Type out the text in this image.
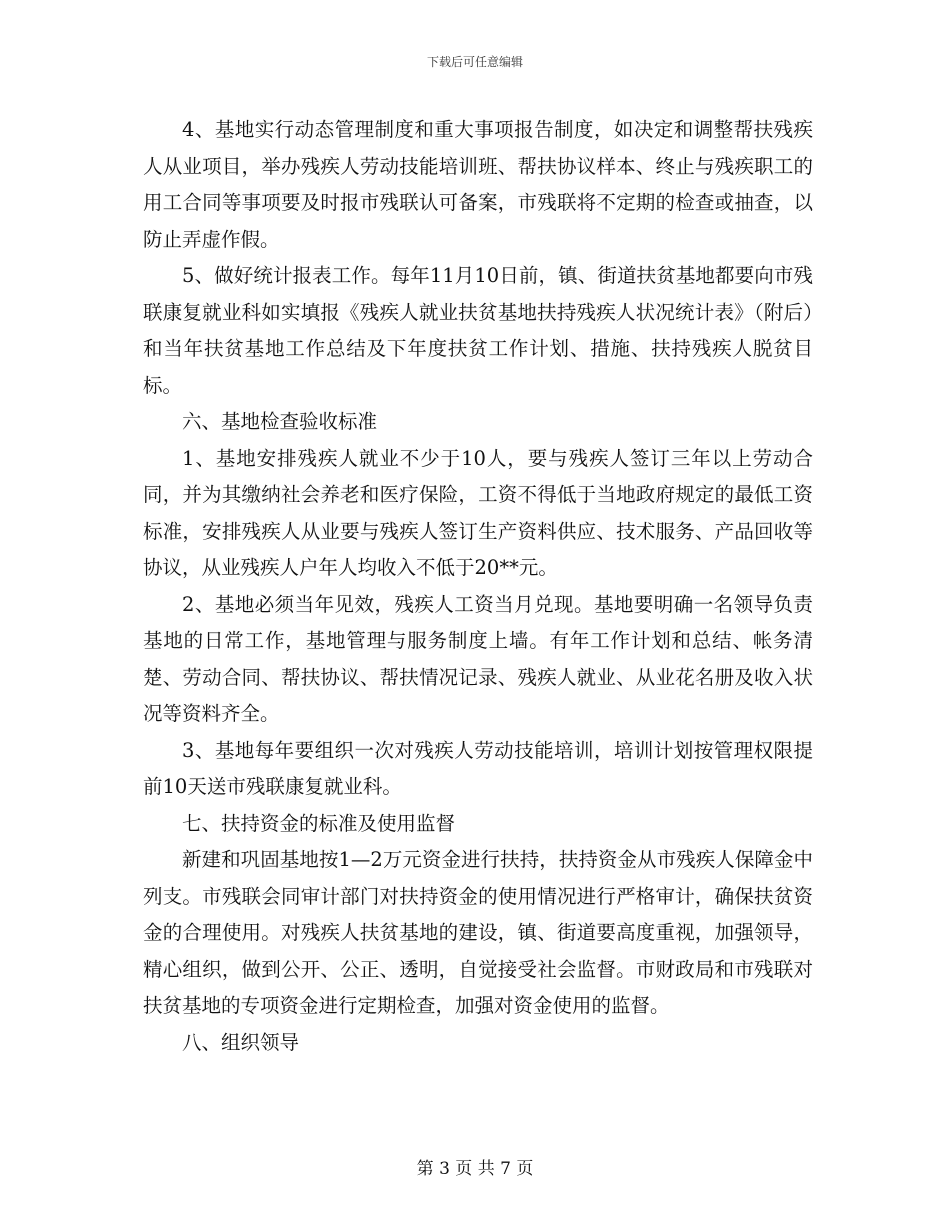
下载后可任意编辑

4、基地实行动态管理制度和重大事项报告制度，如决定和调整帮扶残疾人从业项目，举办残疾人劳动技能培训班、帮扶协议样本、终止与残疾职工的用工合同等事项要及时报市残联认可备案，市残联将不定期的检查或抽查，以防止弄虚作假。

5、做好统计报表工作。每年11月10日前，镇、街道扶贫基地都要向市残联康复就业科如实填报《残疾人就业扶贫基地扶持残疾人状况统计表》（附后）和当年扶贫基地工作总结及下年度扶贫工作计划、措施、扶持残疾人脱贫目标。

六、基地检查验收标准

1、基地安排残疾人就业不少于10人，要与残疾人签订三年以上劳动合同，并为其缴纳社会养老和医疗保险，工资不得低于当地政府规定的最低工资标准，安排残疾人从业要与残疾人签订生产资料供应、技术服务、产品回收等协议，从业残疾人户年人均收入不低于20**元。

2、基地必须当年见效，残疾人工资当月兑现。基地要明确一名领导负责基地的日常工作，基地管理与服务制度上墙。有年工作计划和总结、帐务清楚、劳动合同、帮扶协议、帮扶情况记录、残疾人就业、从业花名册及收入状况等资料齐全。

3、基地每年要组织一次对残疾人劳动技能培训，培训计划按管理权限提前10天送市残联康复就业科。

七、扶持资金的标准及使用监督

新建和巩固基地按1—2万元资金进行扶持，扶持资金从市残疾人保障金中列支。市残联会同审计部门对扶持资金的使用情况进行严格审计，确保扶贫资金的合理使用。对残疾人扶贫基地的建设，镇、街道要高度重视，加强领导，精心组织，做到公开、公正、透明，自觉接受社会监督。市财政局和市残联对扶贫基地的专项资金进行定期检查，加强对资金使用的监督。

八、组织领导

第 3 页 共 7 页
